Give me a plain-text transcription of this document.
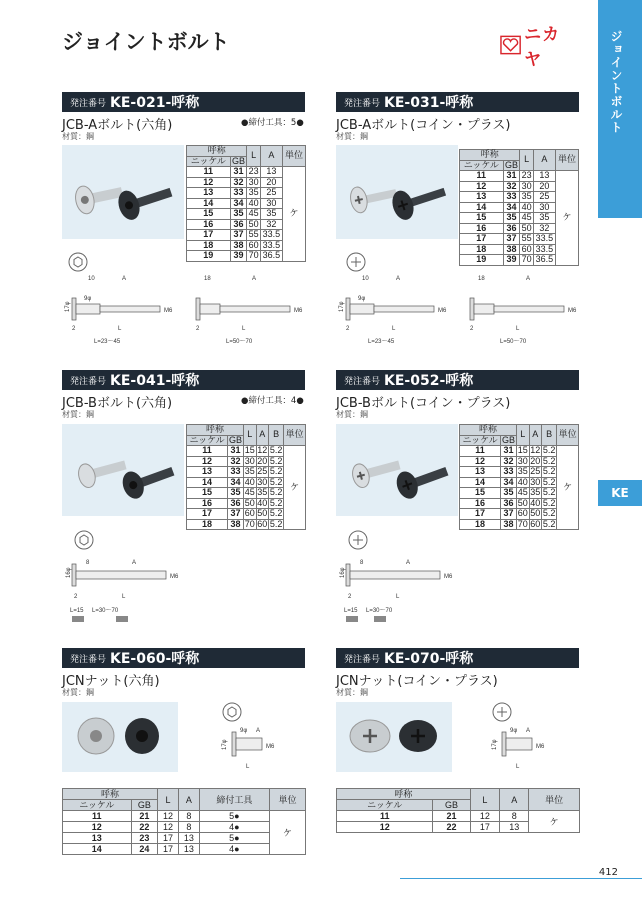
ジョイントボルト	ニカヤ	ジョイントボルト
KE
発注番号 KE-021-呼称
JCB-Aボルト(六角)	●締付工具：5●
材質：鋼
呼称		L	A	単位
ニッケル	GB			
11	31	23	13	ケ
12	32	30	20	
13	33	35	25	
14	34	40	30	
15	35	45	35	
16	36	50	32	
17	37	55	33.5	
18	38	60	33.5	
19	39	70	36.5	
10	A
17φ
9φ
M6
2	L
L=23～45
18	A
2	L
L=50～70
M6
発注番号 KE-031-呼称
JCB-Aボルト(コイン・プラス)
材質：鋼
呼称		L	A	単位
ニッケル	GB			
11	31	23	13	ケ
12	32	30	20	
13	33	35	25	
14	34	40	30	
15	35	45	35	
16	36	50	32	
17	37	55	33.5	
18	38	60	33.5	
19	39	70	36.5	
10	A
17φ
9φ
M6
2	L
L=23～45
18	A
2	L
L=50～70
M6
発注番号 KE-041-呼称
JCB-Bボルト(六角)	●締付工具：4●
材質：鋼
呼称		L	A	B	単位
ニッケル	GB				
11	31	15	12	5.2	ケ
12	32	30	20	5.2	
13	33	35	25	5.2	
14	34	40	30	5.2	
15	35	45	35	5.2	
16	36	50	40	5.2	
17	37	60	50	5.2	
18	38	70	60	5.2	
16φ
8	A
M6
2	L
L=15 L=30～70
発注番号 KE-052-呼称
JCB-Bボルト(コイン・プラス)
材質：鋼
呼称		L	A	B	単位
ニッケル	GB				
11	31	15	12	5.2	ケ
12	32	30	20	5.2	
13	33	35	25	5.2	
14	34	40	30	5.2	
15	35	45	35	5.2	
16	36	50	40	5.2	
17	37	60	50	5.2	
18	38	70	60	5.2	
16φ
8	A
M6
2	L
L=15 L=30～70
発注番号 KE-060-呼称
JCNナット(六角)
材質：鋼
9φ A
17φ	M6
L
呼称		L	A	締付工具	単位
ニッケル	GB				
11	21	12	8	5●	ケ
12	22	12	8	4●	
13	23	17	13	5●	
14	24	17	13	4●	
発注番号 KE-070-呼称
JCNナット(コイン・プラス)
材質：鋼
9φ A
17φ	M6
L
呼称		L	A	単位
ニッケル	GB			
11	21	12	8	ケ
12	22	17	13	
412
